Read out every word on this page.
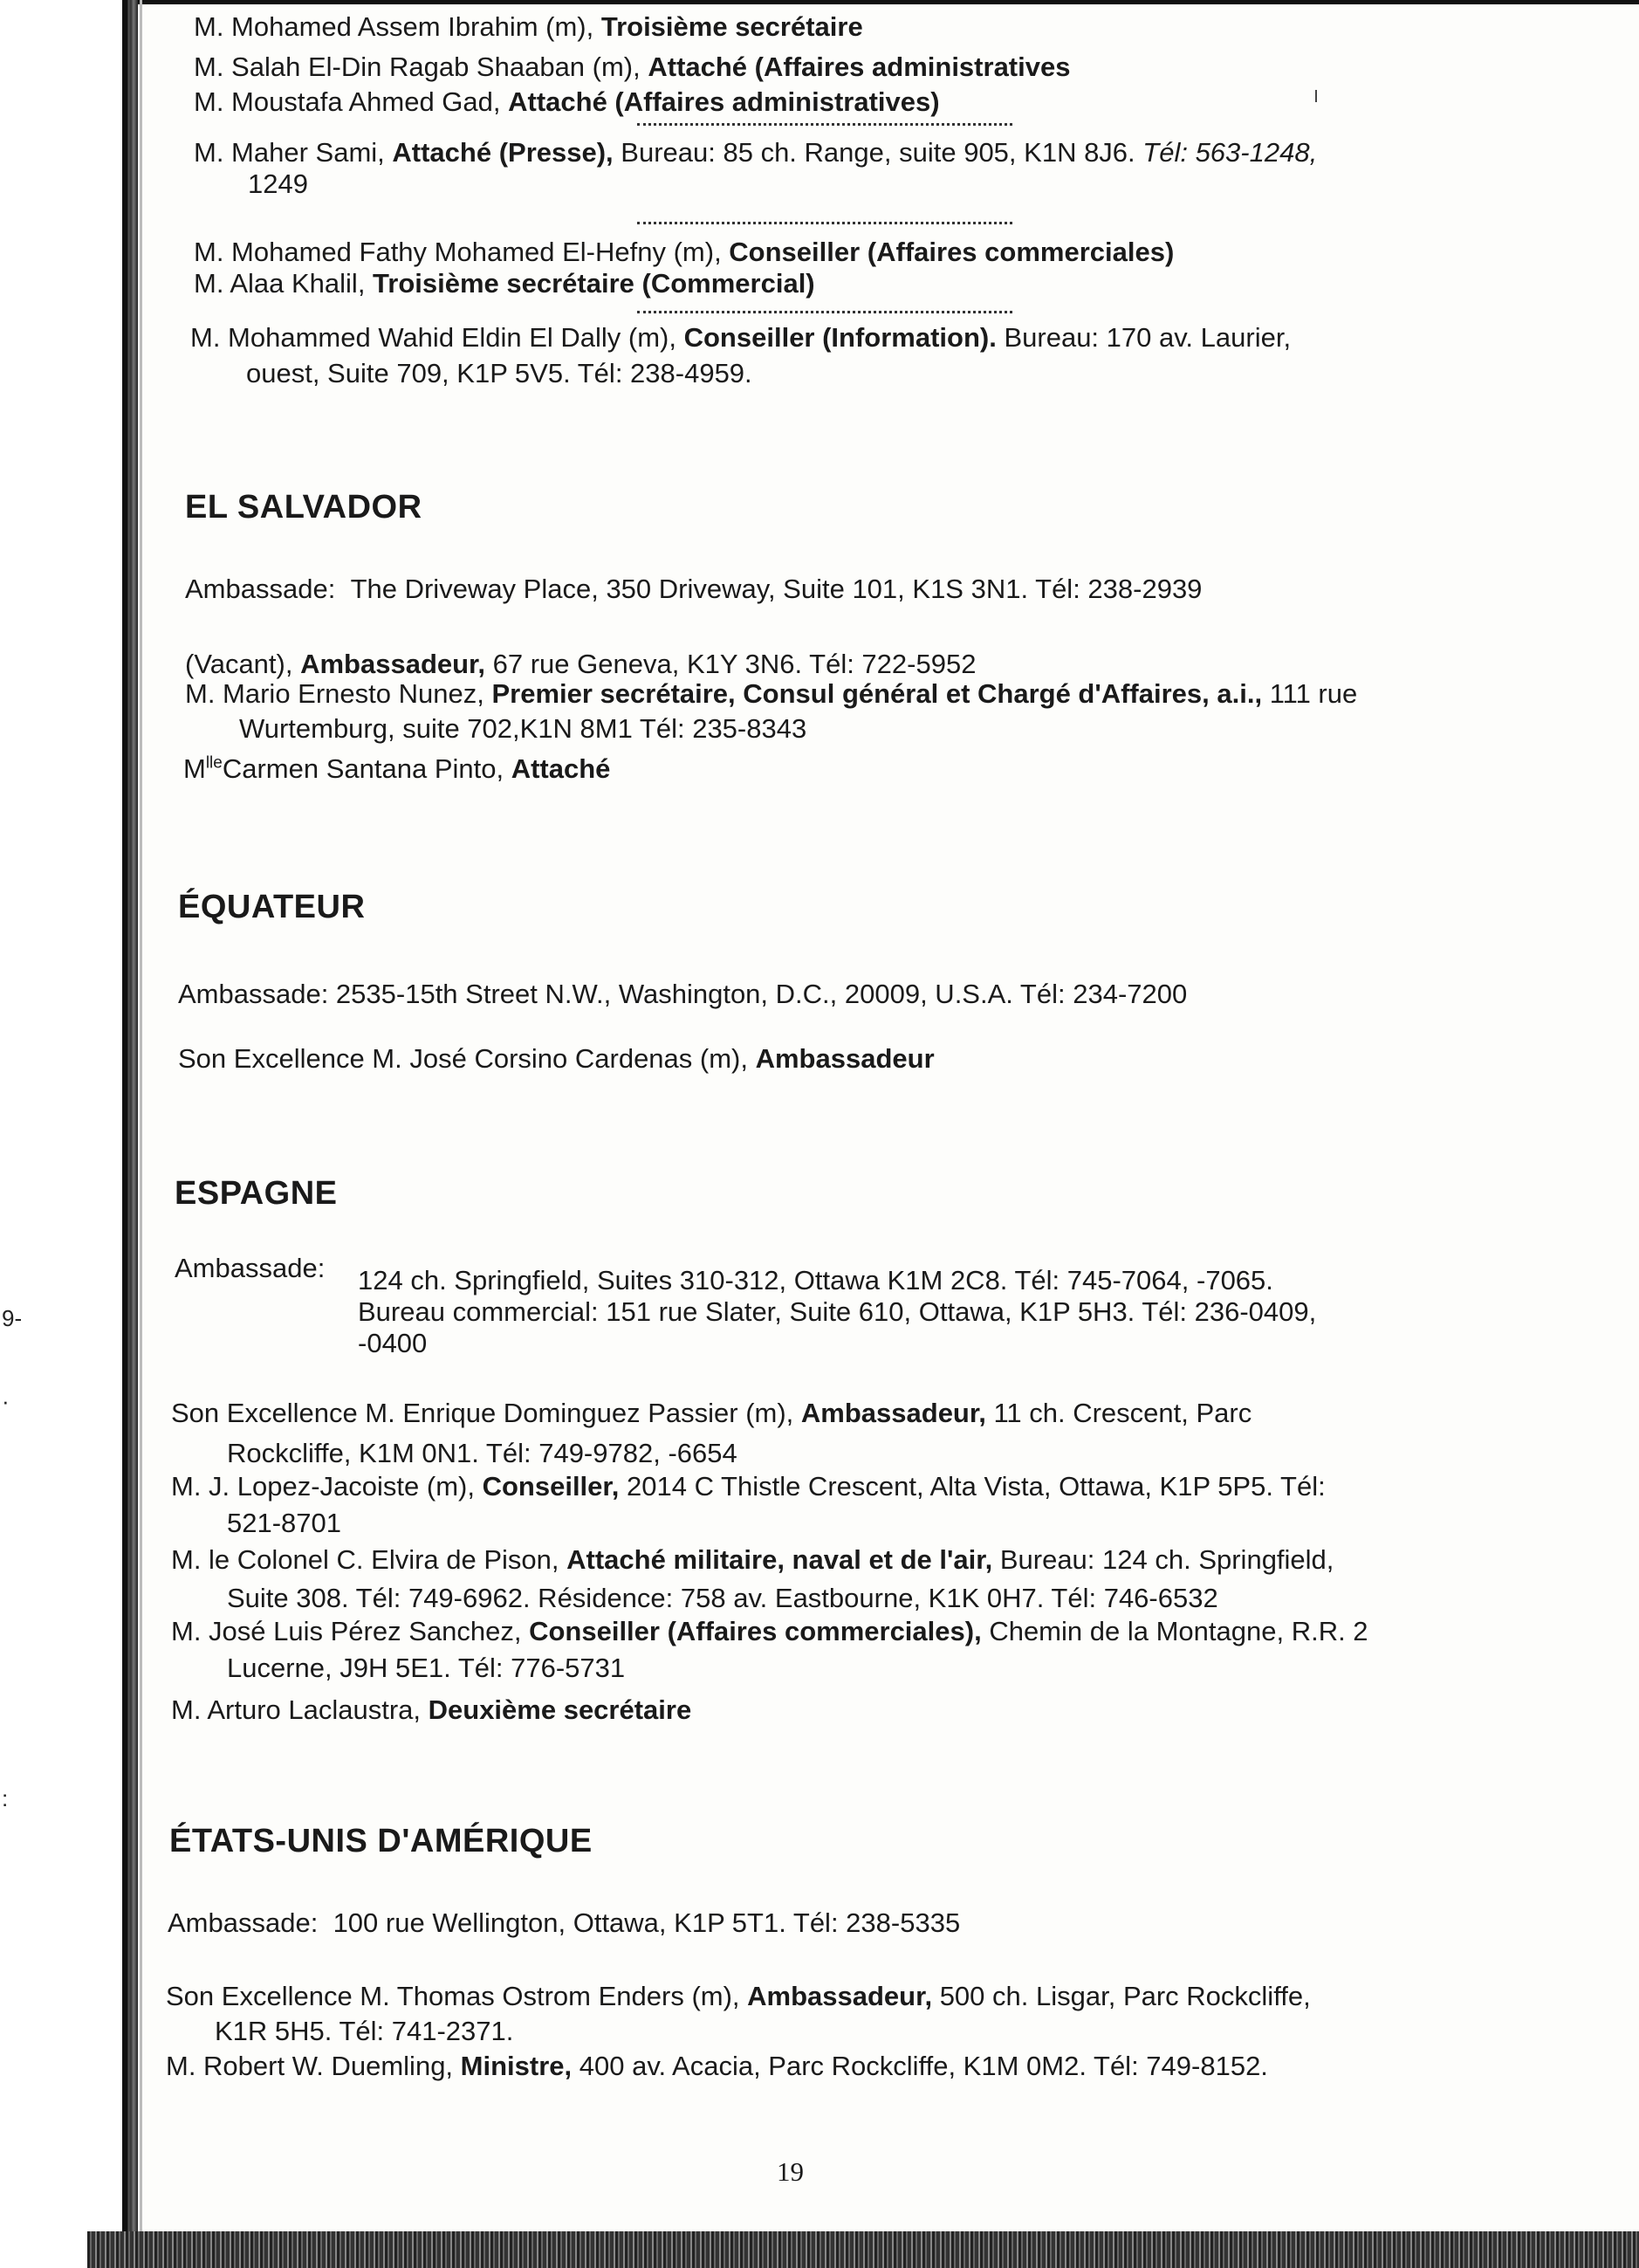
9-
·
:
M. Mohamed Assem Ibrahim (m), Troisième secrétaire
M. Salah El-Din Ragab Shaaban (m), Attaché (Affaires administratives
M. Moustafa Ahmed Gad, Attaché (Affaires administratives)
M. Maher Sami, Attaché (Presse), Bureau: 85 ch. Range, suite 905, K1N 8J6. Tél: 563-1248,
1249
M. Mohamed Fathy Mohamed El-Hefny (m), Conseiller (Affaires commerciales)
M. Alaa Khalil, Troisième secrétaire (Commercial)
M. Mohammed Wahid Eldin El Dally (m), Conseiller (Information). Bureau: 170 av. Laurier,
ouest, Suite 709, K1P 5V5. Tél: 238-4959.
EL SALVADOR
Ambassade: The Driveway Place, 350 Driveway, Suite 101, K1S 3N1. Tél: 238-2939
(Vacant), Ambassadeur, 67 rue Geneva, K1Y 3N6. Tél: 722-5952
M. Mario Ernesto Nunez, Premier secrétaire, Consul général et Chargé d'Affaires, a.i., 111 rue
Wurtemburg, suite 702,K1N 8M1 Tél: 235-8343
$M^{lle}Carmen$ Santana Pinto, Attaché
ÉQUATEUR
Ambassade: 2535-15th Street N.W., Washington, D.C., 20009, U.S.A. Tél: 234-7200
Son Excellence M. José Corsino Cardenas (m), Ambassadeur
ESPAGNE
Ambassade: 124 ch. Springfield, Suites 310-312, Ottawa K1M 2C8. Tél: 745-7064, -7065.
Bureau commercial: 151 rue Slater, Suite 610, Ottawa, K1P 5H3. Tél: 236-0409,
-0400
Son Excellence M. Enrique Dominguez Passier (m), Ambassadeur, 11 ch. Crescent, Parc
Rockcliffe, K1M 0N1. Tél: 749-9782, -6654
M. J. Lopez-Jacoiste (m), Conseiller, 2014 C Thistle Crescent, Alta Vista, Ottawa, K1P 5P5. Tél:
521-8701
M. le Colonel C. Elvira de Pison, Attaché militaire, naval et de l'air, Bureau: 124 ch. Springfield,
Suite 308. Tél: 749-6962. Résidence: 758 av. Eastbourne, K1K 0H7. Tél: 746-6532
M. José Luis Pérez Sanchez, Conseiller (Affaires commerciales), Chemin de la Montagne, R.R. 2
Lucerne, J9H 5E1. Tél: 776-5731
M. Arturo Laclaustra, Deuxième secrétaire
ÉTATS-UNIS D'AMÉRIQUE
Ambassade: 100 rue Wellington, Ottawa, K1P 5T1. Tél: 238-5335
Son Excellence M. Thomas Ostrom Enders (m), Ambassadeur, 500 ch. Lisgar, Parc Rockcliffe,
K1R 5H5. Tél: 741-2371.
M. Robert W. Duemling, Ministre, 400 av. Acacia, Parc Rockcliffe, K1M 0M2. Tél: 749-8152.
19
